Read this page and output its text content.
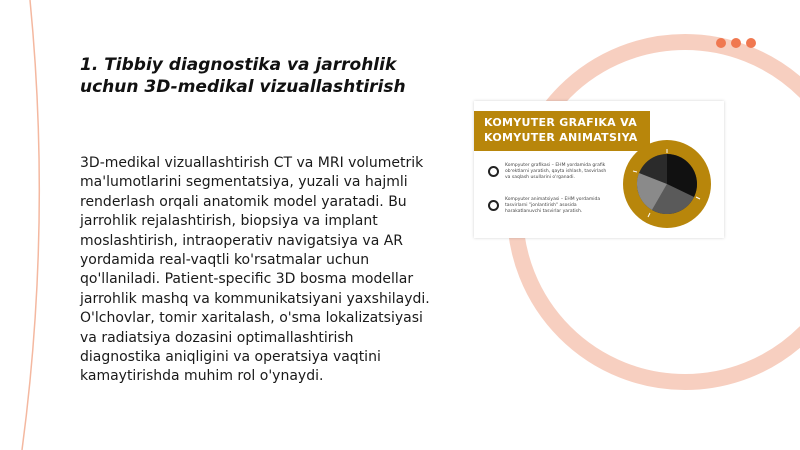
1. Tibbiy diagnostika va jarrohlik uchun 3D-medikal vizuallashtirish

3D-medikal vizuallashtirish CT va MRI volumetrik ma'lumotlarini segmentatsiya, yuzali va hajmli renderlash orqali anatomik model yaratadi. Bu jarrohlik rejalashtirish, biopsiya va implant moslashtirish, intraoperativ navigatsiya va AR yordamida real-vaqtli ko'rsatmalar uchun qo'llaniladi. Patient-specific 3D bosma modellar jarrohlik mashq va kommunikatsiyani yaxshilaydi. O'lchovlar, tomir xaritalash, o'sma lokalizatsiyasi va radiatsiya dozasini optimallashtirish diagnostika aniqligini va operatsiya vaqtini kamaytirishda muhim rol o'ynaydi.

KOMYUTER GRAFIKA VA
KOMYUTER ANIMATSIYA

Kompyuter grafikasi – EHM yordamida grafik obʼektlarni yaratish, qayta ishlash, tasvirlash va saqlash usullarini o'rganadi.
Kompyuter animatsiyasi – EHM yordamida tasvirlarni "jonlantirish" asosida harakatlanuvchi tasvirlar yaratish.
